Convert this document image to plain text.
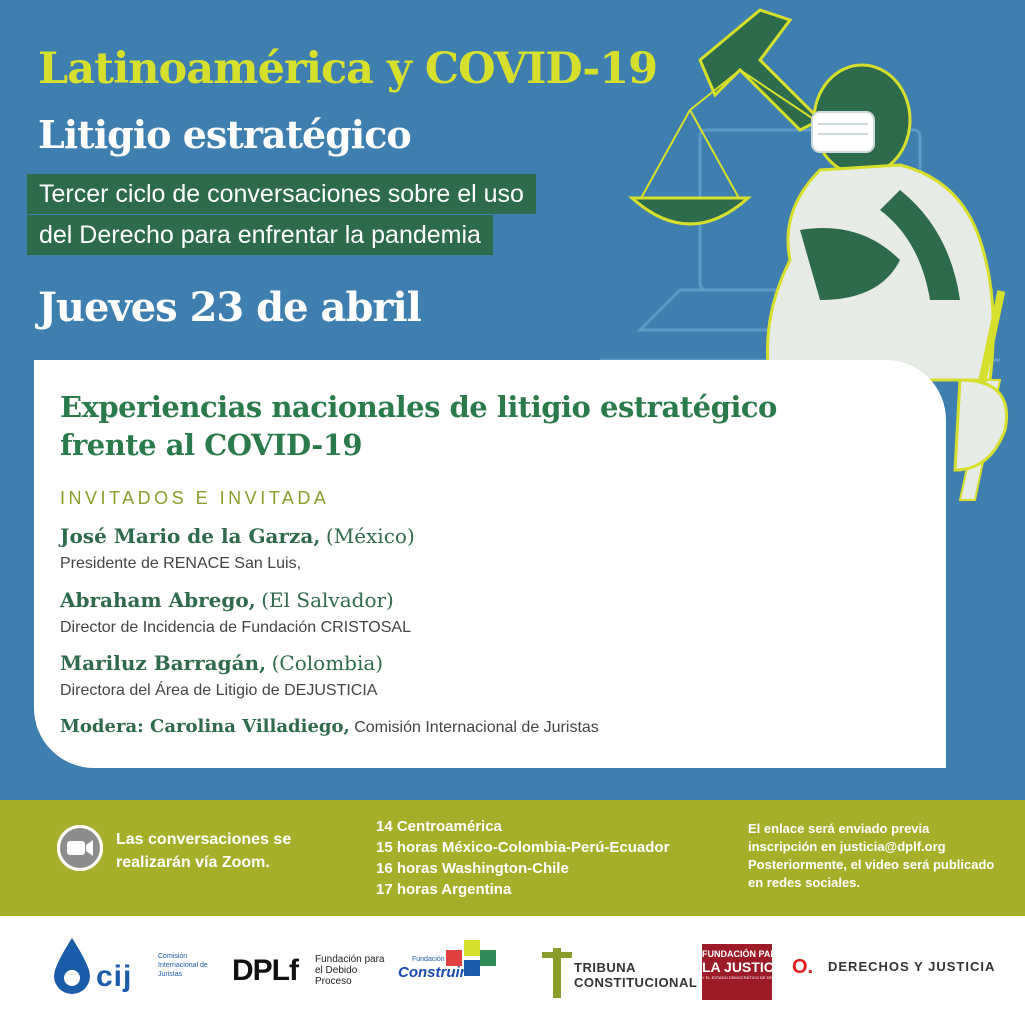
Latinoamérica y COVID-19
Litigio estratégico
Tercer ciclo de conversaciones sobre el uso
del Derecho para enfrentar la pandemia
Jueves 23 de abril
Experiencias nacionales de litigio estratégico
frente al COVID-19
INVITADOS E INVITADA
José Mario de la Garza, (México)
Presidente de RENACE San Luis,
Abraham Abrego, (El Salvador)
Director de Incidencia de Fundación CRISTOSAL
Mariluz Barragán, (Colombia)
Directora del Área de Litigio de DEJUSTICIA
Modera: Carolina Villadiego, Comisión Internacional de Juristas
Las conversaciones se realizarán vía Zoom.
14 Centroamérica
15 horas México-Colombia-Perú-Ecuador
16 horas Washington-Chile
17 horas Argentina
El enlace será enviado previa
inscripción en justicia@dplf.org
Posteriormente, el video será publicado
en redes sociales.
cij
Comisión Internacional de Juristas	DPLf Fundación para el Debido Proceso
Fundación
Construir	TRIBUNA
CONSTITUCIONAL
FUNDACIÓN PARA
LA JUSTICIA
Y EL ESTADO DEMOCRÁTICO DE DERECHO O. DERECHOS Y JUSTICIA
